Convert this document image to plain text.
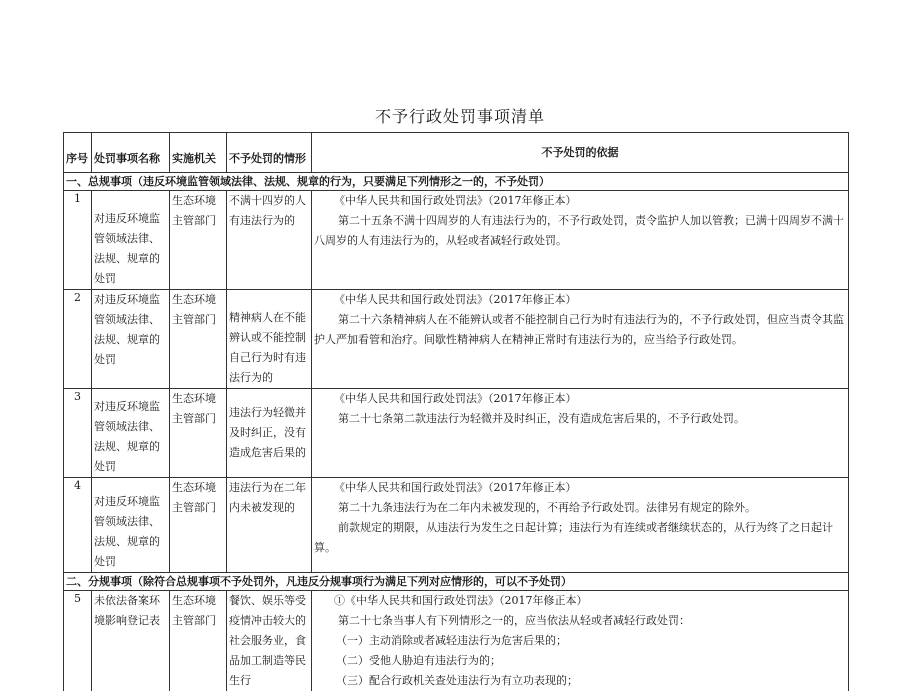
不予行政处罚事项清单
序号	处罚事项名称	实施机关	不予处罚的情形	不予处罚的依据
一、总规事项（违反环境监管领域法律、法规、规章的行为，只要满足下列情形之一的，不予处罚）				
1	对违反环境监管领域法律、法规、规章的处罚	生态环境主管部门	不满十四岁的人有违法行为的	《中华人民共和国行政处罚法》（2017年修正本）
第二十五条不满十四周岁的人有违法行为的，不予行政处罚，责令监护人加以管教；已满十四周岁不满十八周岁的人有违法行为的，从轻或者减轻行政处罚。

2	对违反环境监管领域法律、法规、规章的处罚	生态环境主管部门	精神病人在不能辨认或不能控制自己行为时有违法行为的	《中华人民共和国行政处罚法》（2017年修正本）
第二十六条精神病人在不能辨认或者不能控制自己行为时有违法行为的，不予行政处罚，但应当责令其监护人严加看管和治疗。间歇性精神病人在精神正常时有违法行为的，应当给予行政处罚。

3	对违反环境监管领域法律、法规、规章的处罚	生态环境主管部门	违法行为轻微并及时纠正，没有造成危害后果的	《中华人民共和国行政处罚法》（2017年修正本）
第二十七条第二款违法行为轻微并及时纠正，没有造成危害后果的，不予行政处罚。

4	对违反环境监管领域法律、法规、规章的处罚	生态环境主管部门	违法行为在二年内未被发现的	《中华人民共和国行政处罚法》（2017年修正本）
第二十九条违法行为在二年内未被发现的，不再给予行政处罚。法律另有规定的除外。
前款规定的期限，从违法行为发生之日起计算；违法行为有连续或者继续状态的，从行为终了之日起计算。

二、分规事项（除符合总规事项不予处罚外，凡违反分规事项行为满足下列对应情形的，可以不予处罚）				
5	未依法备案环境影响登记表	生态环境主管部门	餐饮、娱乐等受疫情冲击较大的社会服务业，食品加工制造等民生行	①《中华人民共和国行政处罚法》（2017年修正本）
第二十七条当事人有下列情形之一的，应当依法从轻或者减轻行政处罚：
（一）主动消除或者减轻违法行为危害后果的；
（二）受他人胁迫有违法行为的；
（三）配合行政机关查处违法行为有立功表现的；
